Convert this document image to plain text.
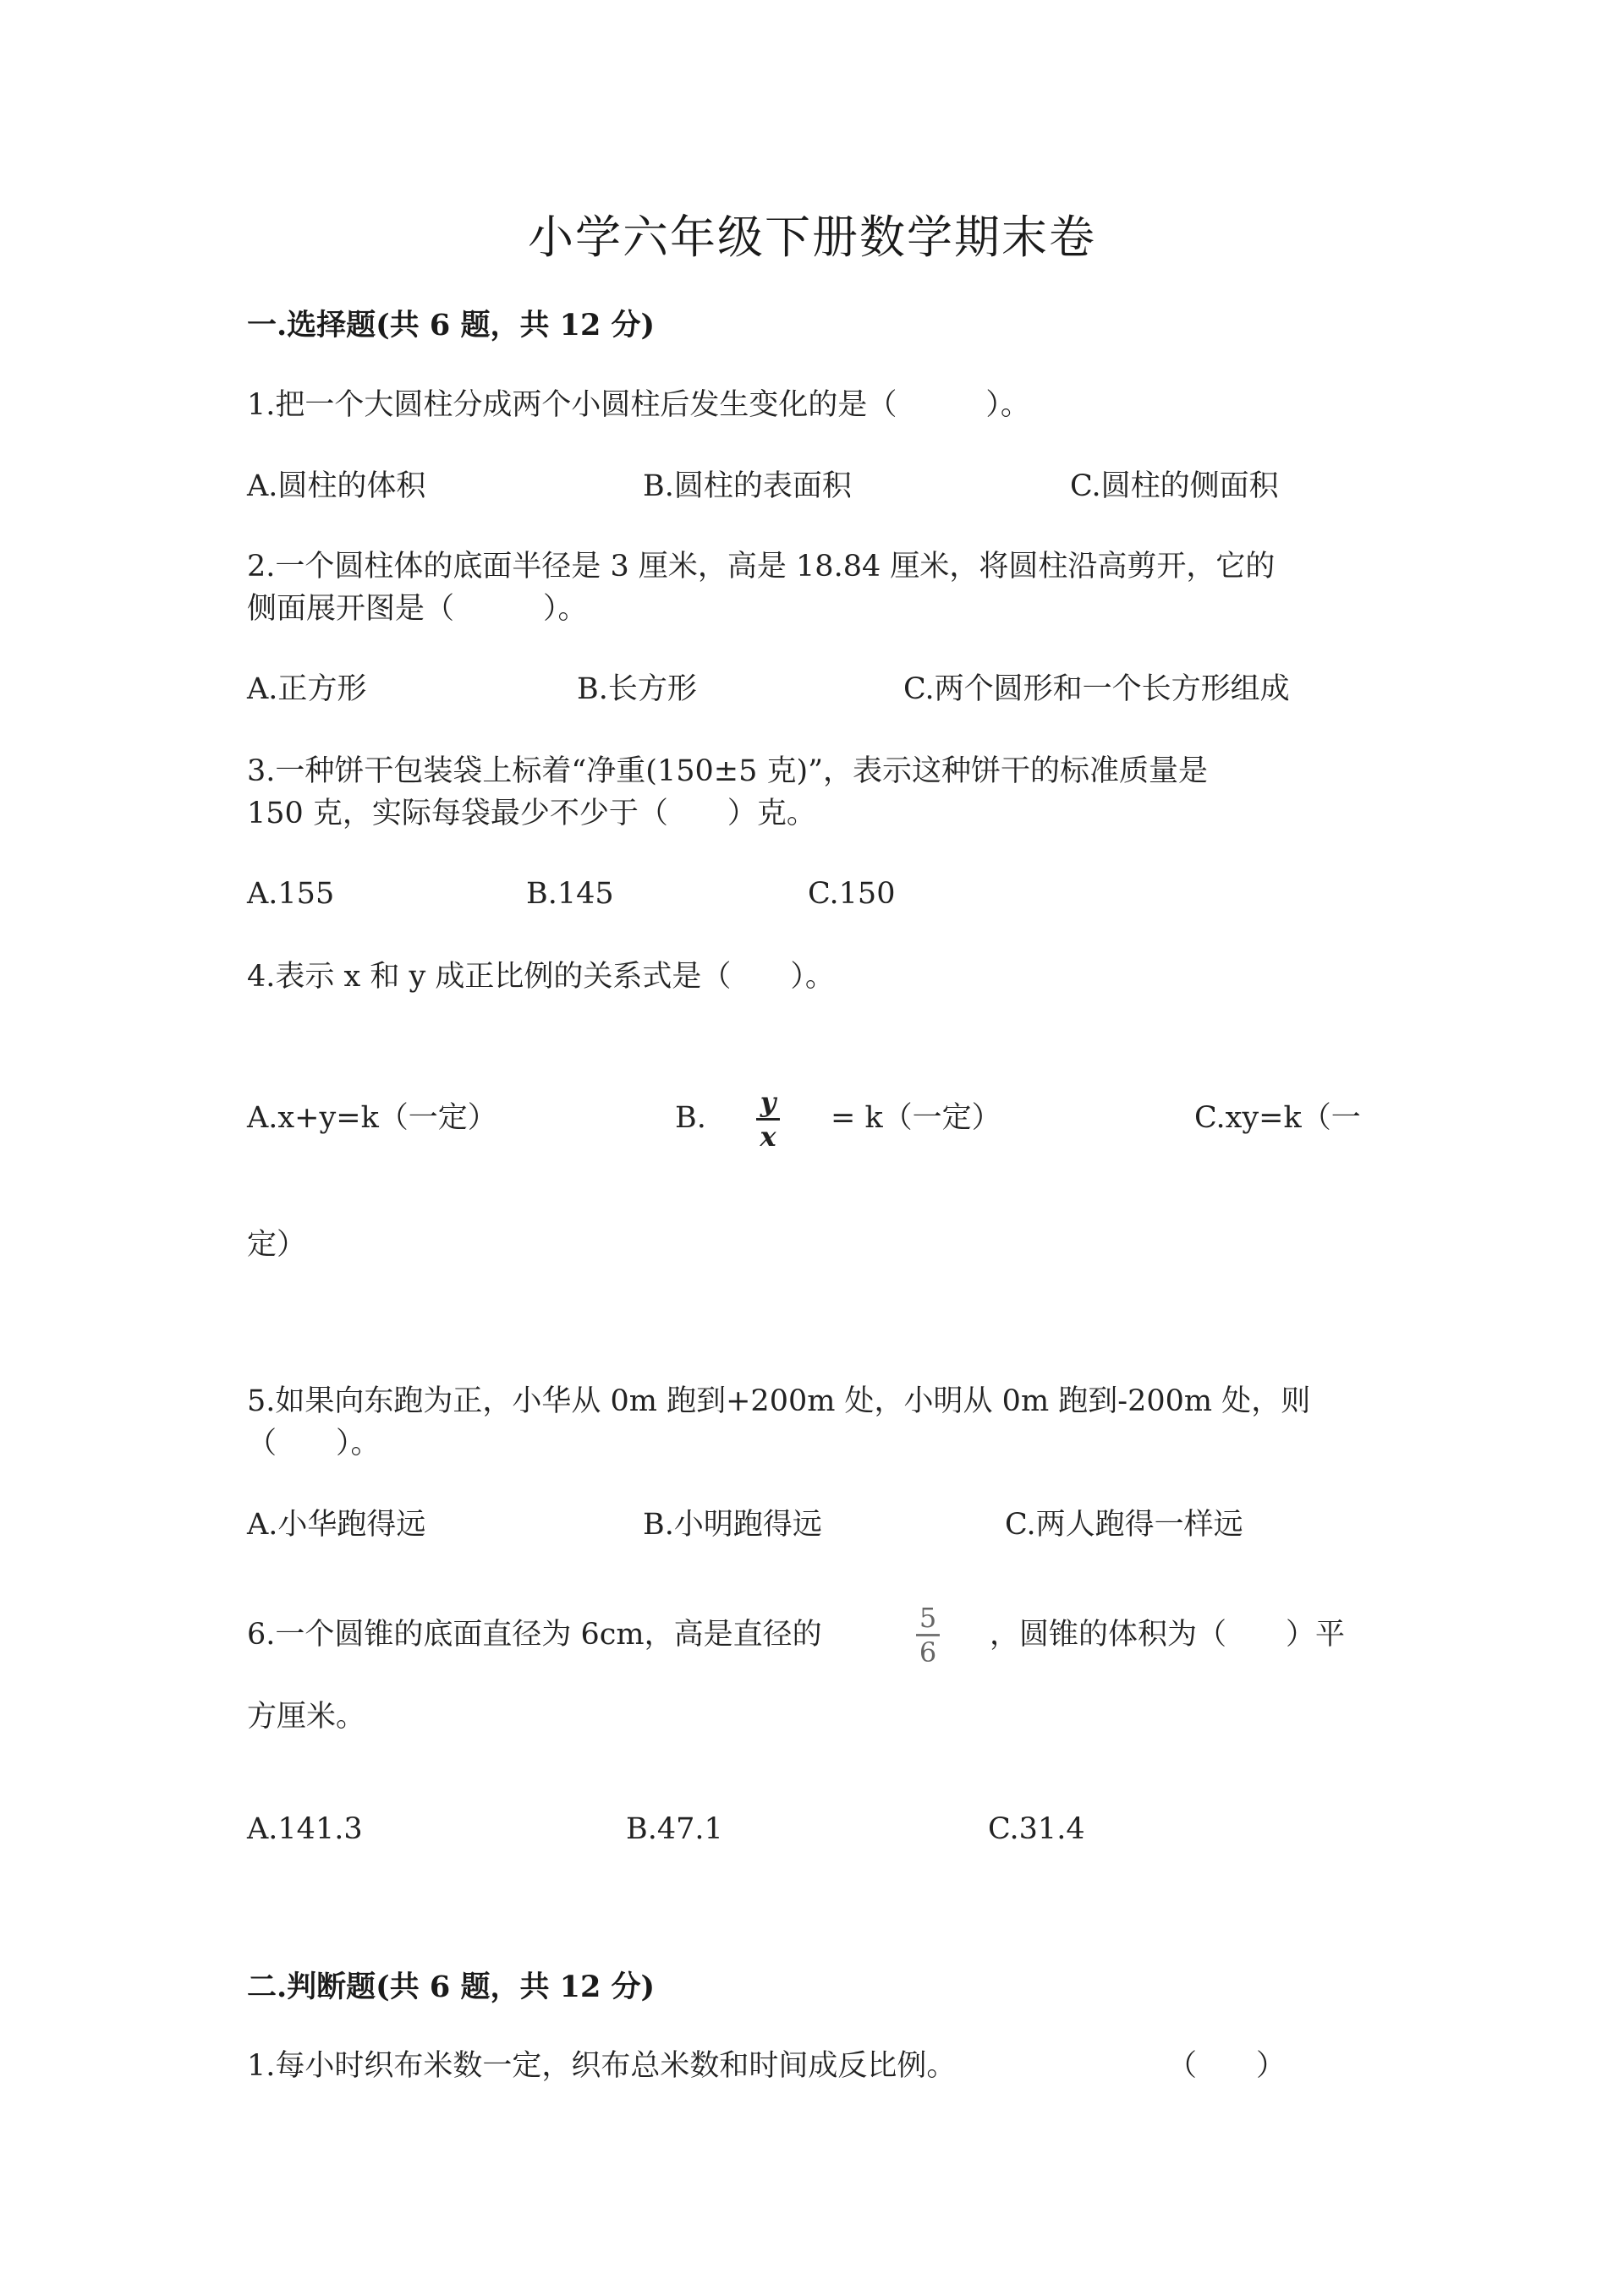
小学六年级下册数学期末卷
一.选择题(共 6 题，共 12 分)
1.把一个大圆柱分成两个小圆柱后发生变化的是（　　　）。
A.圆柱的体积	B.圆柱的表面积	C.圆柱的侧面积
2.一个圆柱体的底面半径是 3 厘米，高是 18.84 厘米，将圆柱沿高剪开，它的
侧面展开图是（　　　）。
A.正方形	B.长方形	C.两个圆形和一个长方形组成
3.一种饼干包装袋上标着“净重(150±5 克)”，表示这种饼干的标准质量是
150 克，实际每袋最少不少于（　　）克。
A.155	B.145	C.150
4.表示 x 和 y 成正比例的关系式是（　　）。
A.x+y=k（一定）	B. y
x
= k（一定）	C.xy=k（一
定）
5.如果向东跑为正，小华从 0m 跑到+200m 处，小明从 0m 跑到-200m 处，则
（　　）。
A.小华跑得远	B.小明跑得远	C.两人跑得一样远
6.一个圆锥的底面直径为 6cm，高是直径的	5
6
，圆锥的体积为（　　）平
方厘米。
A.141.3	B.47.1	C.31.4
二.判断题(共 6 题，共 12 分)
1.每小时织布米数一定，织布总米数和时间成反比例。	（　　）
